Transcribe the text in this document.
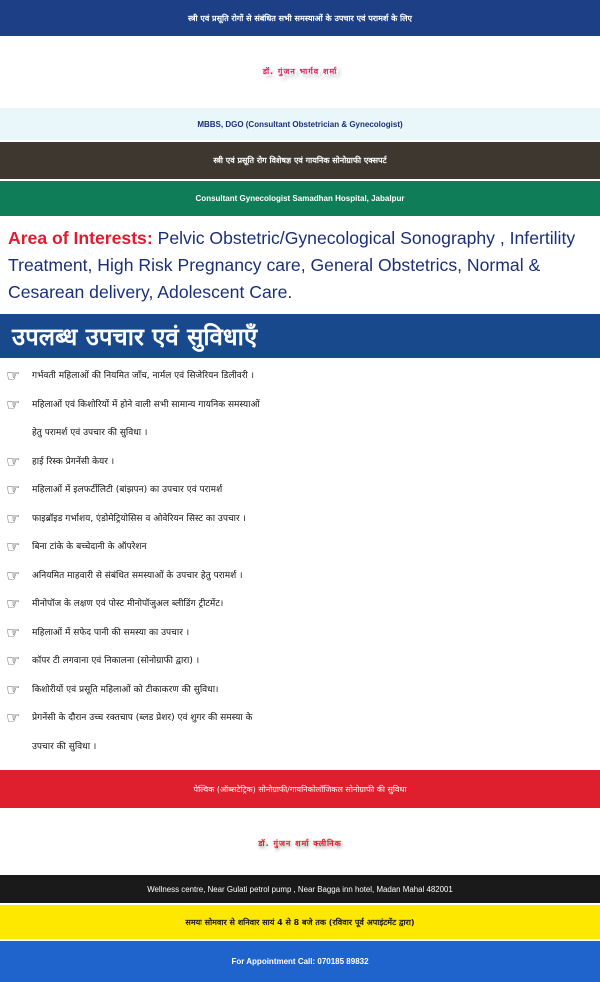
स्त्री एवं प्रसूति रोगों से संबंधित सभी समस्याओं के उपचार एवं परामर्श के लिए
डॉ. गुंजन भार्गव शर्मा
MBBS, DGO (Consultant Obstetrician & Gynecologist)
स्त्री एवं प्रसूति रोग विशेषज्ञ एवं गायनिक सोनोग्राफी एक्सपर्ट
Consultant Gynecologist Samadhan Hospital, Jabalpur
Area of Interests: Pelvic Obstetric/Gynecological Sonography , Infertility Treatment, High Risk Pregnancy care, General Obstetrics, Normal & Cesarean delivery, Adolescent Care.
उपलब्ध उपचार एवं सुविधाएँ
☞ गर्भवती महिलाओं की नियमित जाँच, नार्मल एवं सिजेरियन डिलीवरी ।
☞ महिलाओं एवं किशोरियों में होने वाली सभी सामान्य गायनिक समस्याओं
हेतु परामर्श एवं उपचार की सुविधा ।
☞ हाई रिस्क प्रेगनेंसी केयर ।
☞ महिलाओं में इलफर्टीलिटी (बांझपन) का उपचार एवं परामर्श
☞ फाइब्रॉइड गर्भाशय, एंडोमेट्रियोसिस व ओवेरियन सिस्ट का उपचार ।
☞ बिना टांके के बच्चेदानी के ऑपरेशन
☞ अनियमित माहवारी से संबंधित समस्याओं के उपचार हेतु परामर्श ।
☞ मीनोपॉज के लक्षण एवं पोस्ट मीनोपॉजुअल ब्लीडिंग ट्रीटमेंट।
☞ महिलाओं में सफेद पानी की समस्या का उपचार ।
☞ कॉपर टी लगवाना एवं निकालना (सोनोग्राफी द्वारा) ।
☞ किशोरीयों एवं प्रसूति महिलाओं को टीकाकरण की सुविधा।
☞ प्रेगनेंसी के दौरान उच्च रक्तचाप (ब्लड प्रेशर) एवं शुगर की समस्या के
उपचार की सुविधा ।
पेल्विक (ऑब्सटेट्रिक) सोनोग्राफी/गायनिकोलॉजिकल सोनोग्राफी की सुविधा
डॉ. गुंजन शर्मा क्लीनिक
Wellness centre, Near Gulati petrol pump , Near Bagga inn hotel, Madan Mahal 482001
समयः सोमवार से शनिवार सायं 4 से 8 बजे तक (रविवार पूर्व अपाइंटमेंट द्वारा)
For Appointment Call: 070185 89832
